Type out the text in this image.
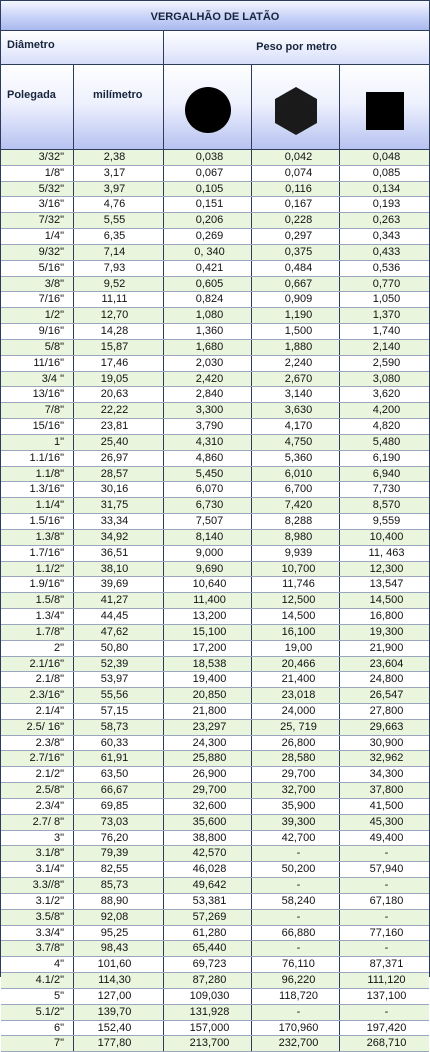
VERGALHÃO DE LATÃO
Diâmetro	Peso por metro
Polegada	milímetro
3/32"	2,38	0,038	0,042	0,048
1/8"	3,17	0,067	0,074	0,085
5/32"	3,97	0,105	0,116	0,134
3/16"	4,76	0,151	0,167	0,193
7/32"	5,55	0,206	0,228	0,263
1/4"	6,35	0,269	0,297	0,343
9/32"	7,14	0, 340	0,375	0,433
5/16"	7,93	0,421	0,484	0,536
3/8"	9,52	0,605	0,667	0,770
7/16"	11,11	0,824	0,909	1,050
1/2"	12,70	1,080	1,190	1,370
9/16"	14,28	1,360	1,500	1,740
5/8"	15,87	1,680	1,880	2,140
11/16"	17,46	2,030	2,240	2,590
3/4 "	19,05	2,420	2,670	3,080
13/16"	20,63	2,840	3,140	3,620
7/8"	22,22	3,300	3,630	4,200
15/16"	23,81	3,790	4,170	4,820
1"	25,40	4,310	4,750	5,480
1.1/16"	26,97	4,860	5,360	6,190
1.1/8"	28,57	5,450	6,010	6,940
1.3/16"	30,16	6,070	6,700	7,730
1.1/4"	31,75	6,730	7,420	8,570
1.5/16"	33,34	7,507	8,288	9,559
1.3/8"	34,92	8,140	8,980	10,400
1.7/16"	36,51	9,000	9,939	11, 463
1.1/2"	38,10	9,690	10,700	12,300
1.9/16"	39,69	10,640	11,746	13,547
1.5/8"	41,27	11,400	12,500	14,500
1.3/4"	44,45	13,200	14,500	16,800
1.7/8"	47,62	15,100	16,100	19,300
2"	50,80	17,200	19,00	21,900
2.1/16"	52,39	18,538	20,466	23,604
2.1/8"	53,97	19,400	21,400	24,800
2.3/16"	55,56	20,850	23,018	26,547
2.1/4"	57,15	21,800	24,000	27,800
2.5/ 16"	58,73	23,297	25, 719	29,663
2.3/8"	60,33	24,300	26,800	30,900
2.7/16"	61,91	25,880	28,580	32,962
2.1/2"	63,50	26,900	29,700	34,300
2.5/8"	66,67	29,700	32,700	37,800
2.3/4"	69,85	32,600	35,900	41,500
2.7/ 8"	73,03	35,600	39,300	45,300
3"	76,20	38,800	42,700	49,400
3.1/8"	79,39	42,570	-	-
3.1/4"	82,55	46,028	50,200	57,940
3.3//8"	85,73	49,642	-	-
3.1/2"	88,90	53,381	58,240	67,180
3.5/8"	92,08	57,269	-	-
3.3/4"	95,25	61,280	66,880	77,160
3.7/8"	98,43	65,440	-	-
4"	101,60	69,723	76,110	87,371
4.1/2"	114,30	87,280	96,220	111,120
5"	127,00	109,030	118,720	137,100
5.1/2"	139,70	131,928	-	-
6"	152,40	157,000	170,960	197,420
7"	177,80	213,700	232,700	268,710
